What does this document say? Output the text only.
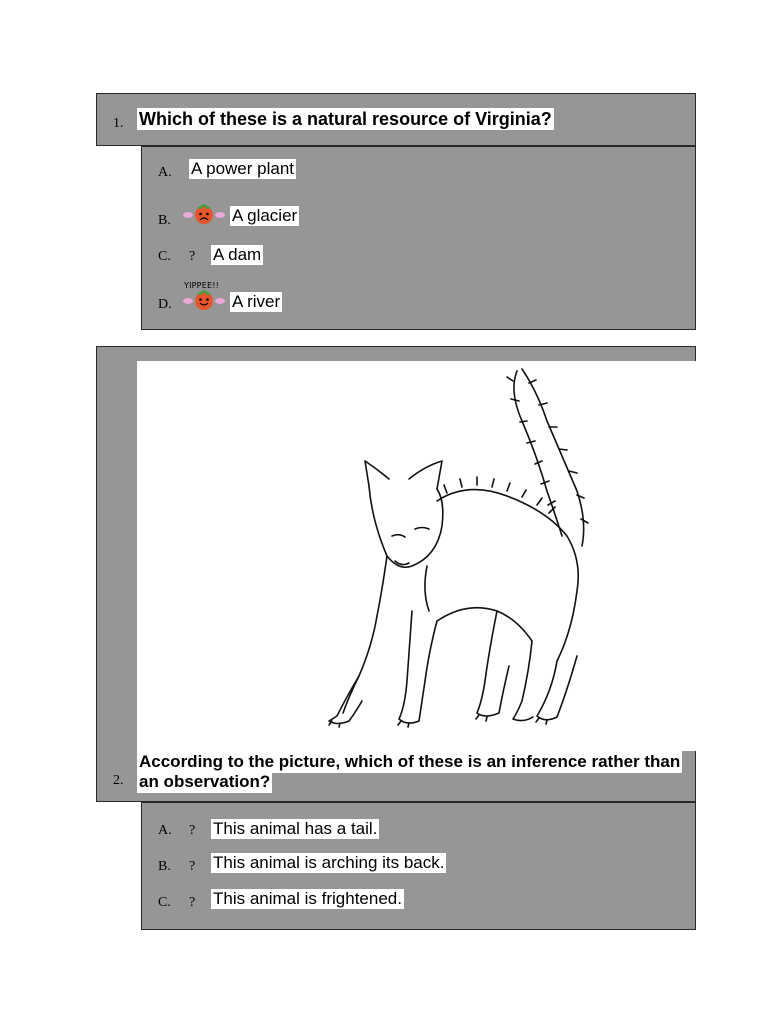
1. Which of these is a natural resource of Virginia?
A. A power plant
B.	A glacier
C. ? A dam
YIPPEE!!
D.	A river
2.
According to the picture, which of these is an inference rather than
an observation?
A. ? This animal has a tail.
B. ? This animal is arching its back.
C. ? This animal is frightened.
